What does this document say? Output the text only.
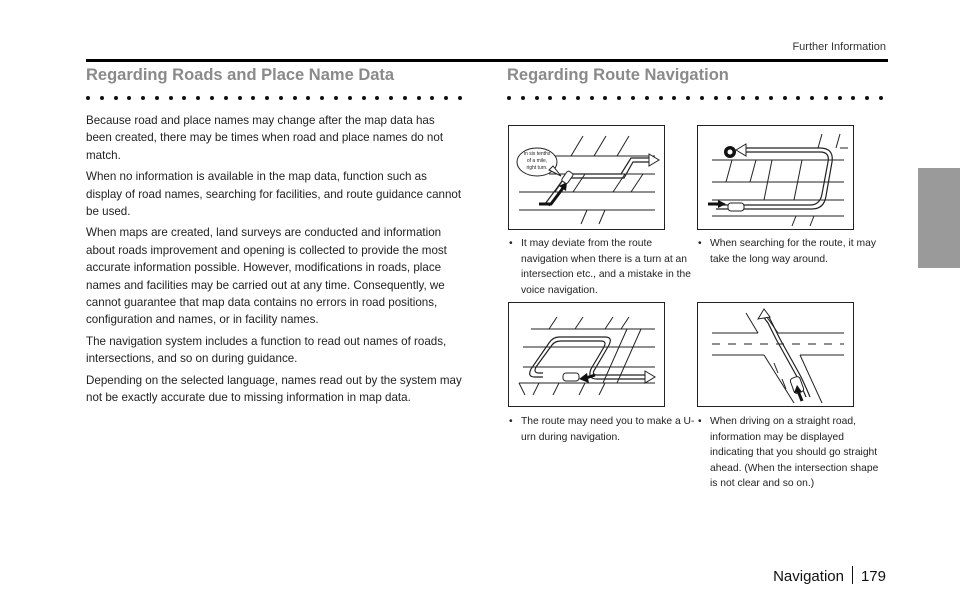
Further Information
Regarding Roads and Place Name Data

Because road and place names may change after the map data has been created, there may be times when road and place names do not match.

When no information is available in the map data, function such as display of road names, searching for facilities, and route guidance cannot be used.

When maps are created, land surveys are conducted and information about roads improvement and opening is collected to provide the most accurate information possible. However, modifications in roads, place names and facilities may be carried out at any time. Consequently, we cannot guarantee that map data contains no errors in road positions, configuration and names, or in facility names.

The navigation system includes a function to read out names of roads, intersections, and so on during guidance.

Depending on the selected language, names read out by the system may not be exactly accurate due to missing information in map data.

Regarding Route Navigation
In six tenths
of a mile,
right turn.
• It may deviate from the route navigation when there is a turn at an intersection etc., and a mistake in the voice navigation.
• When searching for the route, it may take the long way around.
• The route may need you to make a U-urn during navigation.
• When driving on a straight road, information may be displayed indicating that you should go straight ahead. (When the intersection shape is not clear and so on.)
Navigation 179
